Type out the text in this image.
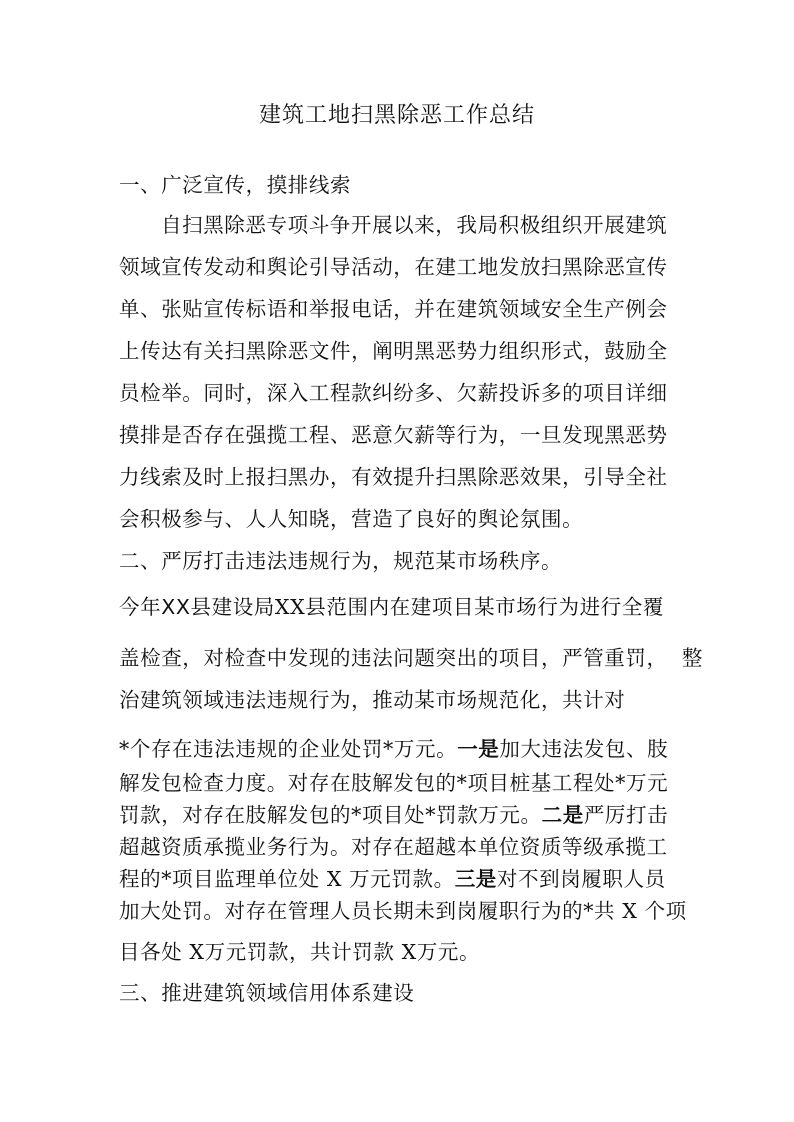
建筑工地扫黑除恶工作总结
一、广泛宣传，摸排线索
自扫黑除恶专项斗争开展以来，我局积极组织开展建筑
领域宣传发动和舆论引导活动，在建工地发放扫黑除恶宣传
单、张贴宣传标语和举报电话，并在建筑领域安全生产例会
上传达有关扫黑除恶文件，阐明黑恶势力组织形式，鼓励全
员检举。同时，深入工程款纠纷多、欠薪投诉多的项目详细
摸排是否存在强揽工程、恶意欠薪等行为，一旦发现黑恶势
力线索及时上报扫黑办，有效提升扫黑除恶效果，引导全社
会积极参与、人人知晓，营造了良好的舆论氛围。
二、严厉打击违法违规行为，规范某市场秩序。
今年XX县建设局XX县范围内在建项目某市场行为进行全覆
盖检查，对检查中发现的违法问题突出的项目，严管重罚，  整
治建筑领域违法违规行为，推动某市场规范化，共计对
*个存在违法违规的企业处罚*万元。一是加大违法发包、肢
解发包检查力度。对存在肢解发包的*项目桩基工程处*万元
罚款，对存在肢解发包的*项目处*罚款万元。二是严厉打击
超越资质承揽业务行为。对存在超越本单位资质等级承揽工
程的*项目监理单位处 X 万元罚款。三是对不到岗履职人员
加大处罚。对存在管理人员长期未到岗履职行为的*共 X 个项
目各处 X万元罚款，共计罚款 X万元。
三、推进建筑领域信用体系建设
